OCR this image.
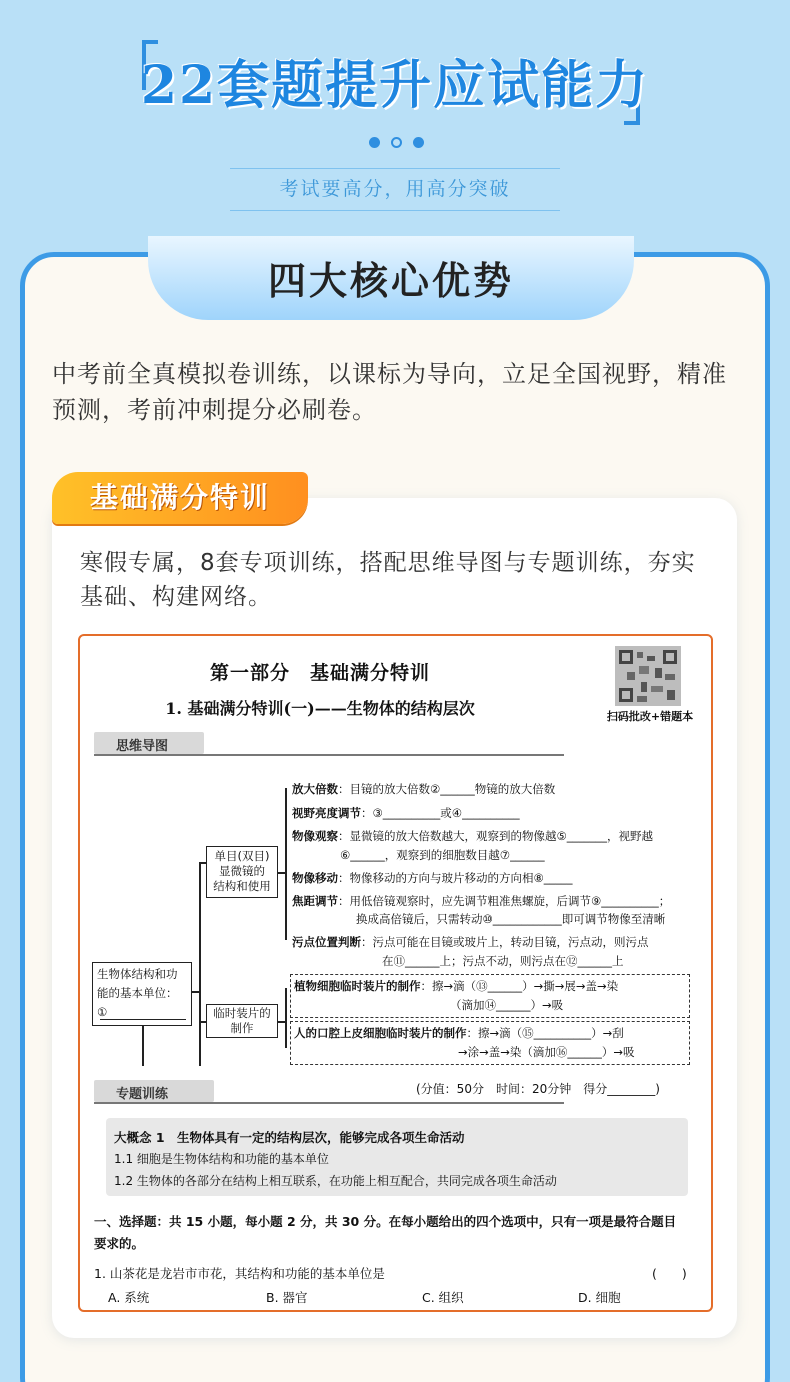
22套题提升应试能力
考试要高分，用高分突破
四大核心优势
中考前全真模拟卷训练，以课标为导向，立足全国视野，精准
预测，考前冲刺提分必刷卷。
基础满分特训
寒假专属，8套专项训练，搭配思维导图与专题训练，夯实
基础、构建网络。
第一部分　基础满分特训
1. 基础满分特训(一)——生物体的结构层次	扫码批改+错题本
思维导图
生物体结构和功
能的基本单位：
①
单目(双目)
显微镜的
结构和使用
临时装片的
制作
放大倍数：目镜的放大倍数②______物镜的放大倍数
视野亮度调节：③__________或④__________
物像观察：显微镜的放大倍数越大，观察到的物像越⑤_______，视野越
⑥______，观察到的细胞数目越⑦______
物像移动：物像移动的方向与玻片移动的方向相⑧_____
焦距调节：用低倍镜观察时，应先调节粗准焦螺旋，后调节⑨__________；
换成高倍镜后，只需转动⑩____________即可调节物像至清晰
污点位置判断：污点可能在目镜或玻片上，转动目镜，污点动，则污点
在⑪______上；污点不动，则污点在⑫______上
植物细胞临时装片的制作：擦→滴（⑬______）→撕→展→盖→染
（滴加⑭______）→吸
人的口腔上皮细胞临时装片的制作：擦→滴（⑮__________）→刮
→涂→盖→染（滴加⑯______）→吸
专题训练	(分值：50分　时间：20分钟　得分________)
大概念 1　生物体具有一定的结构层次，能够完成各项生命活动
1.1 细胞是生物体结构和功能的基本单位
1.2 生物体的各部分在结构上相互联系，在功能上相互配合，共同完成各项生命活动
一、选择题：共 15 小题，每小题 2 分，共 30 分。在每小题给出的四个选项中，只有一项是最符合题目
要求的。
1. 山茶花是龙岩市市花，其结构和功能的基本单位是	(　　)
A. 系统	B. 器官	C. 组织	D. 细胞
